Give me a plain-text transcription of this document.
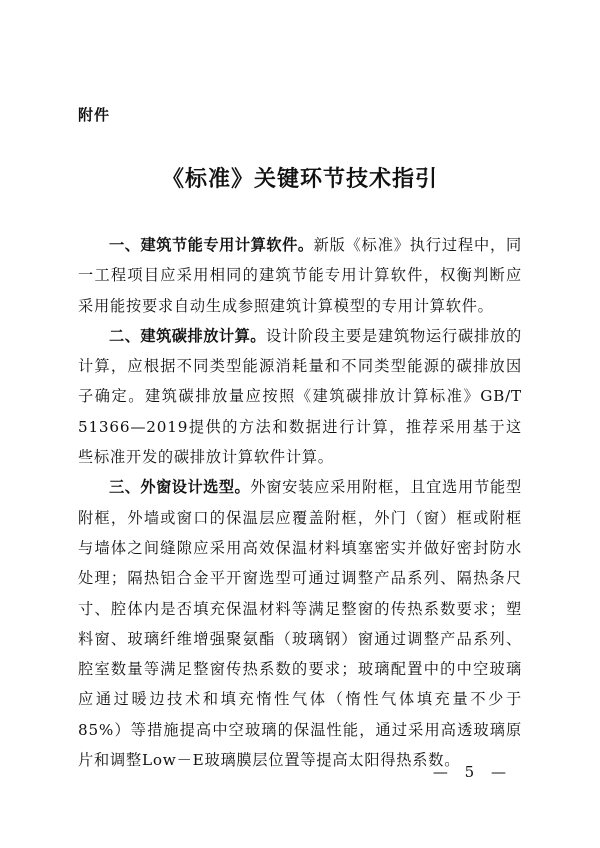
附件
《标准》关键环节技术指引

一、建筑节能专用计算软件。新版《标准》执行过程中，同一工程项目应采用相同的建筑节能专用计算软件，权衡判断应采用能按要求自动生成参照建筑计算模型的专用计算软件。

二、建筑碳排放计算。设计阶段主要是建筑物运行碳排放的计算，应根据不同类型能源消耗量和不同类型能源的碳排放因子确定。建筑碳排放量应按照《建筑碳排放计算标准》GB/T 51366—2019提供的方法和数据进行计算，推荐采用基于这些标准开发的碳排放计算软件计算。

三、外窗设计选型。外窗安装应采用附框，且宜选用节能型附框，外墙或窗口的保温层应覆盖附框，外门（窗）框或附框与墙体之间缝隙应采用高效保温材料填塞密实并做好密封防水处理；隔热铝合金平开窗选型可通过调整产品系列、隔热条尺寸、腔体内是否填充保温材料等满足整窗的传热系数要求；塑料窗、玻璃纤维增强聚氨酯（玻璃钢）窗通过调整产品系列、腔室数量等满足整窗传热系数的要求；玻璃配置中的中空玻璃应通过暖边技术和填充惰性气体（惰性气体填充量不少于85%）等措施提高中空玻璃的保温性能，通过采用高透玻璃原片和调整Low－E玻璃膜层位置等提高太阳得热系数。

— 5 —
